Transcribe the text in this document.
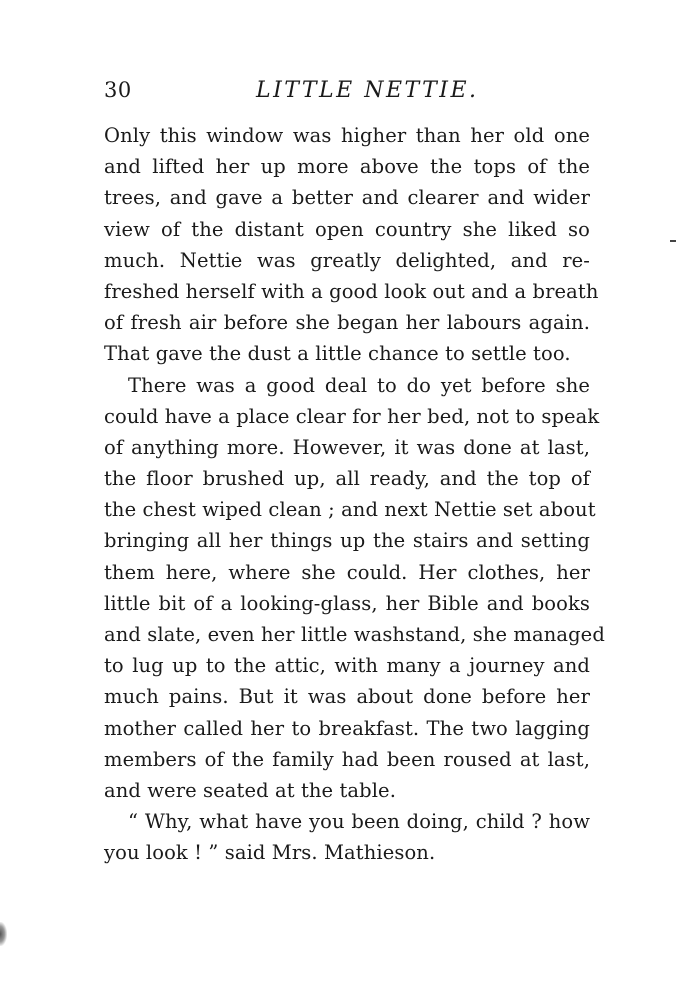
30	LITTLE NETTIE.
Only this window was higher than her old one
and lifted her up more above the tops of the
trees, and gave a better and clearer and wider
view of the distant open country she liked so
much. Nettie was greatly delighted, and re-
freshed herself with a good look out and a breath
of fresh air before she began her labours again.
That gave the dust a little chance to settle too.
There was a good deal to do yet before she
could have a place clear for her bed, not to speak
of anything more. However, it was done at last,
the floor brushed up, all ready, and the top of
the chest wiped clean ; and next Nettie set about
bringing all her things up the stairs and setting
them here, where she could. Her clothes, her
little bit of a looking-glass, her Bible and books
and slate, even her little washstand, she managed
to lug up to the attic, with many a journey and
much pains. But it was about done before her
mother called her to breakfast. The two lagging
members of the family had been roused at last,
and were seated at the table.
“ Why, what have you been doing, child ? how
you look ! ” said Mrs. Mathieson.
